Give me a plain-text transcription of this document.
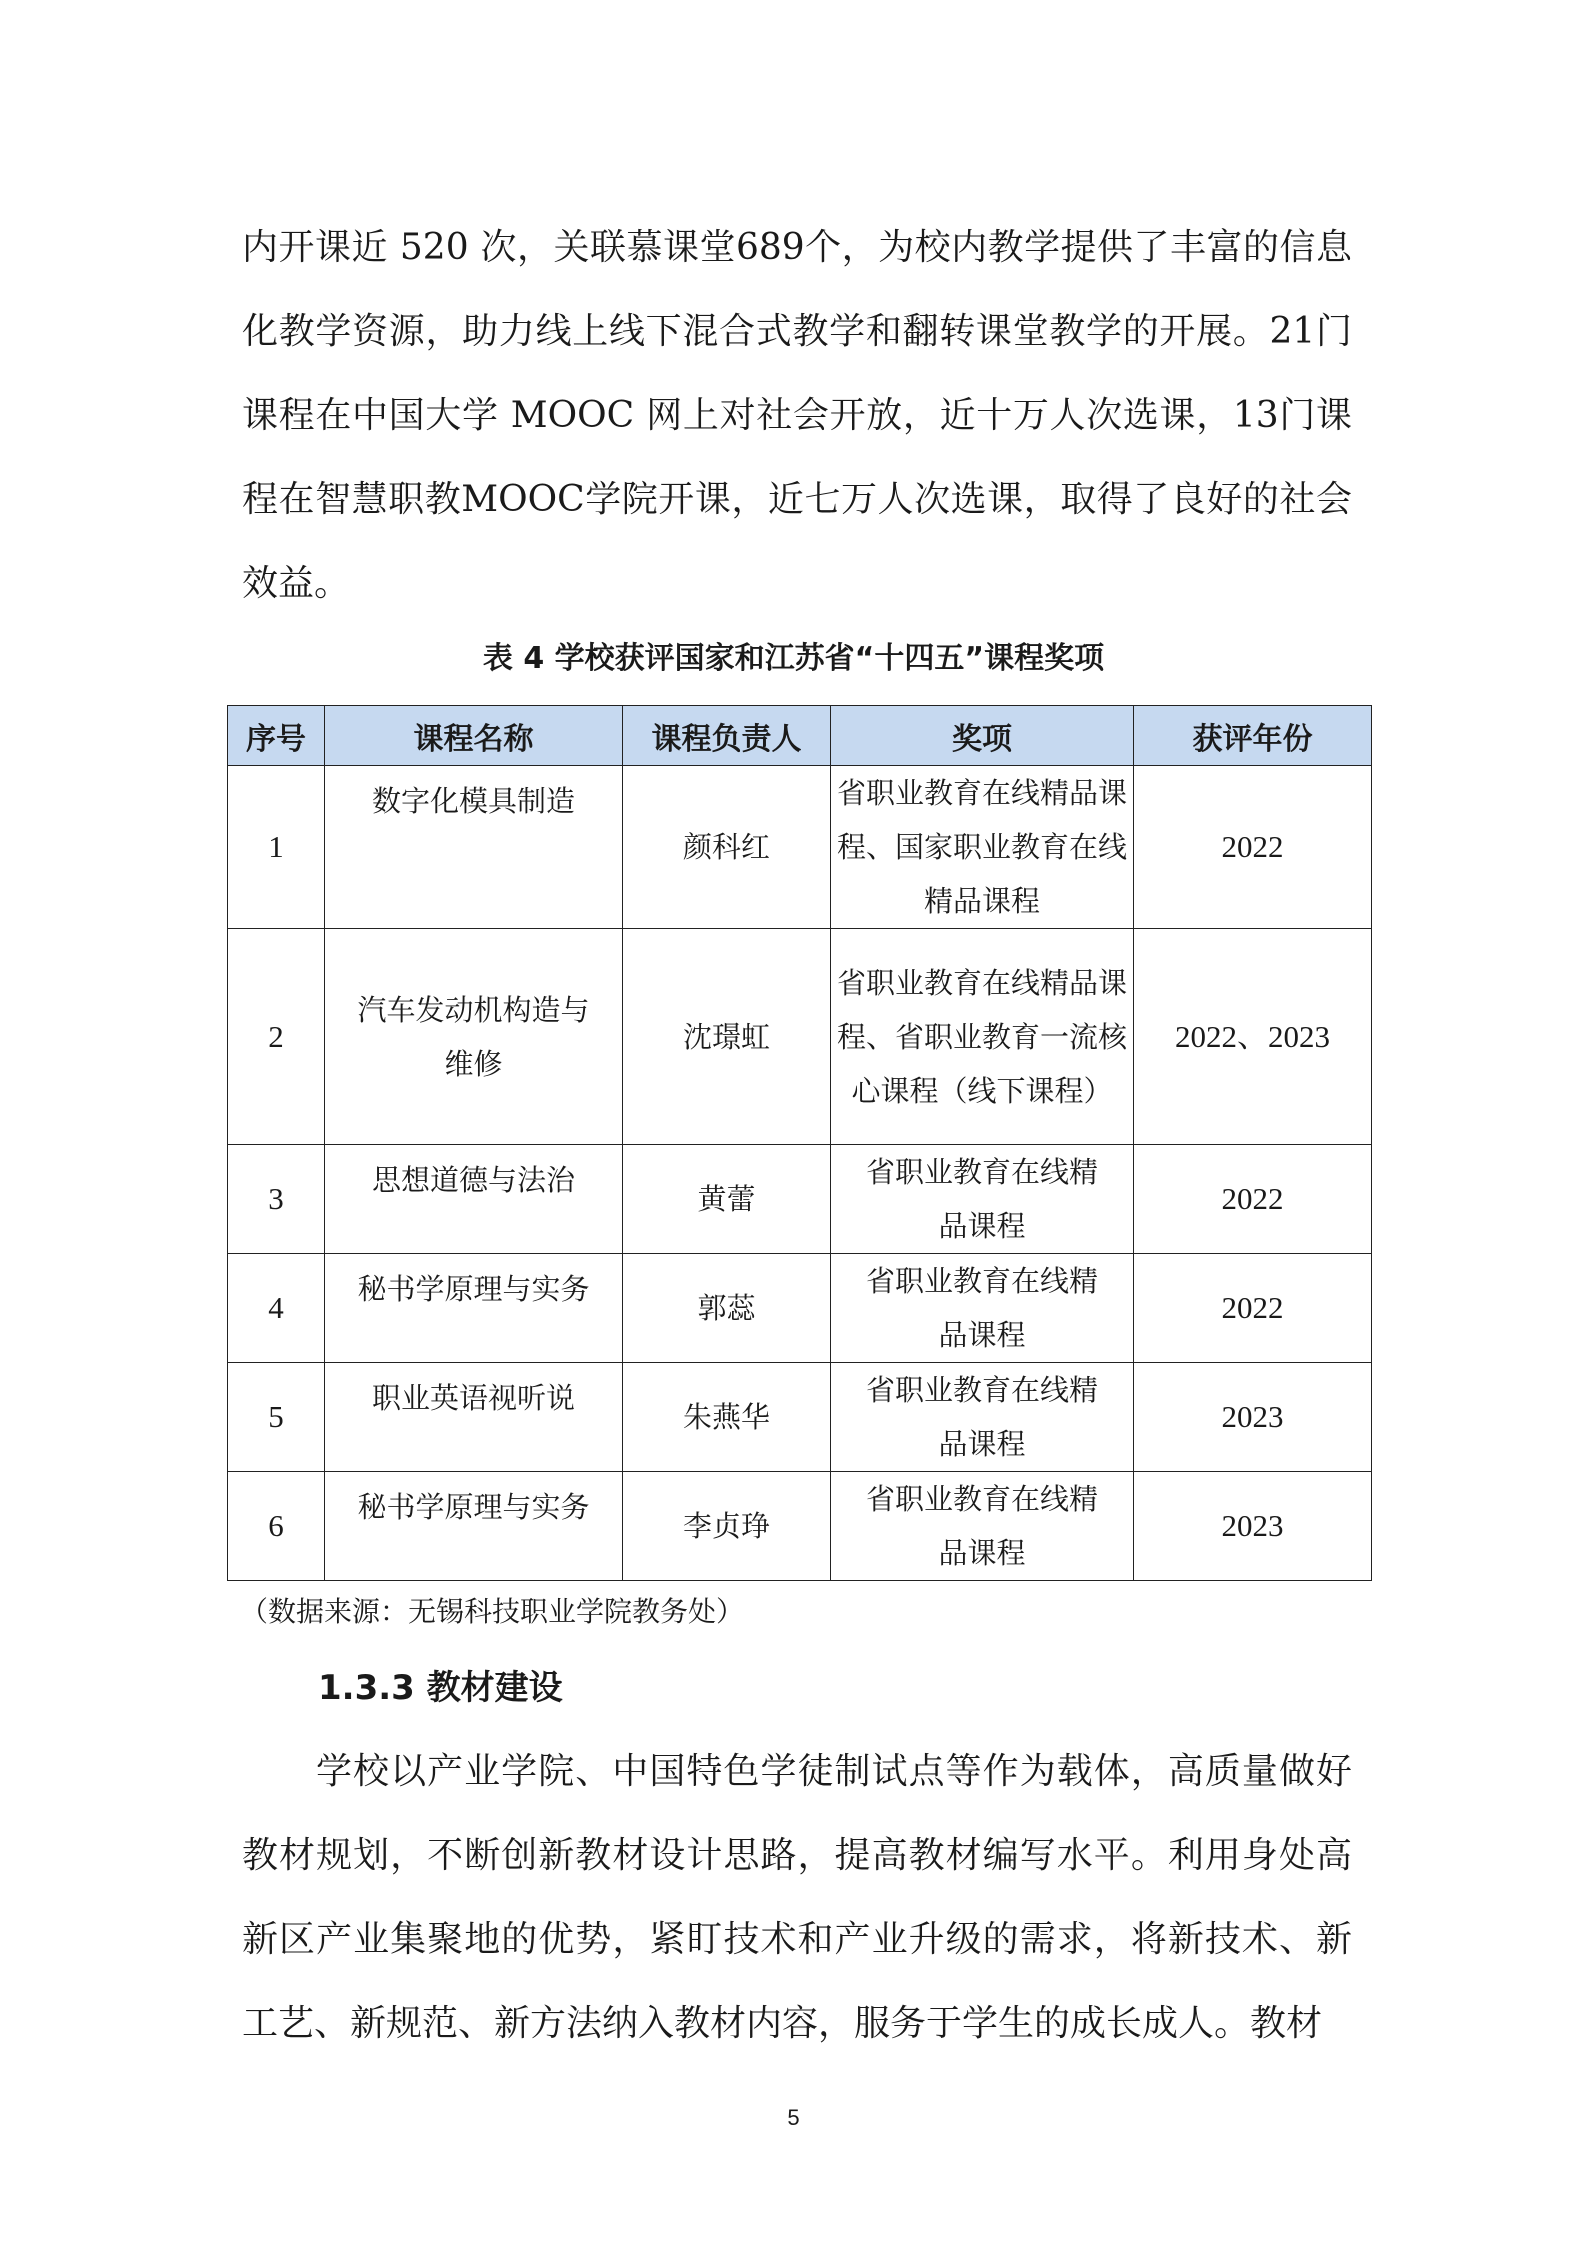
内开课近 520 次，关联慕课堂689个，为校内教学提供了丰富的信息化教学资源，助力线上线下混合式教学和翻转课堂教学的开展。21门课程在中国大学 MOOC 网上对社会开放，近十万人次选课，13门课程在智慧职教MOOC学院开课，近七万人次选课，取得了良好的社会效益。

表 4 学校获评国家和江苏省“十四五”课程奖项
序号	课程名称	课程负责人	奖项	获评年份
1	数字化模具制造	颜科红	省职业教育在线精品课程、国家职业教育在线精品课程	2022
2	汽车发动机构造与维修	沈璟虹	省职业教育在线精品课程、省职业教育一流核心课程（线下课程）	2022、2023
3	思想道德与法治	黄蕾	省职业教育在线精品课程	2022
4	秘书学原理与实务	郭蕊	省职业教育在线精品课程	2022
5	职业英语视听说	朱燕华	省职业教育在线精品课程	2023
6	秘书学原理与实务	李贞琤	省职业教育在线精品课程	2023
（数据来源：无锡科技职业学院教务处）
1.3.3 教材建设

学校以产业学院、中国特色学徒制试点等作为载体，高质量做好教材规划，不断创新教材设计思路，提高教材编写水平。利用身处高新区产业集聚地的优势，紧盯技术和产业升级的需求，将新技术、新工艺、新规范、新方法纳入教材内容，服务于学生的成长成人。教材

5
